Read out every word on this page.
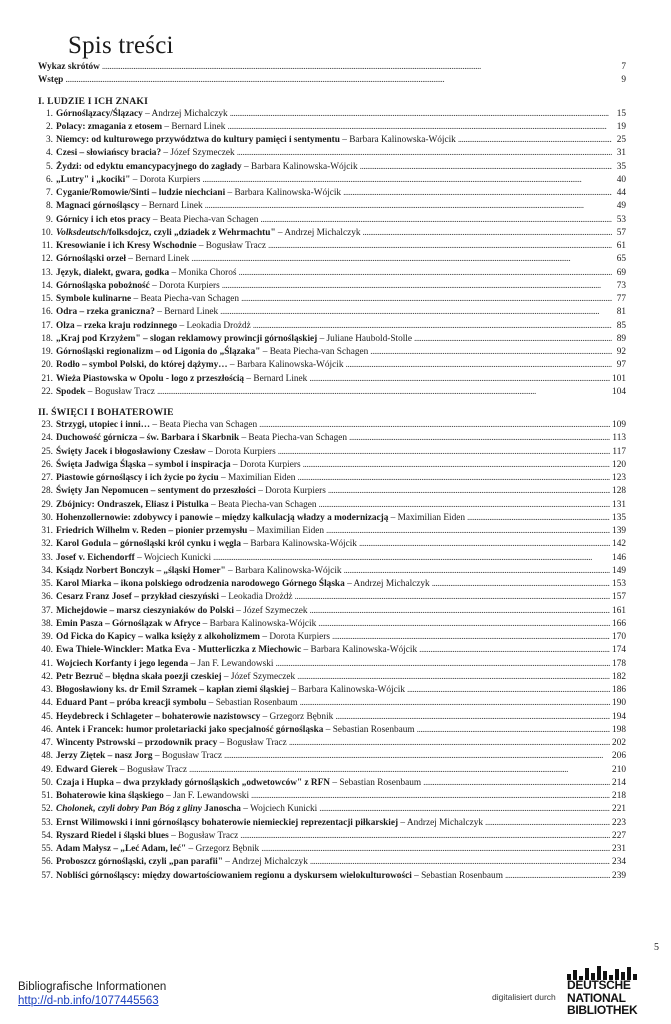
Spis treści
Wykaz skrótów . . .	7
Wstęp . . .	9
I. LUDZIE I ICH ZNAKI
1. Górnoślązacy/Ślązacy – Andrzej Michalczyk . . .	15
2. Polacy: zmagania z etosem – Bernard Linek . . .	19
3. Niemcy: od kulturowego przywództwa do kultury pamięci i sentymentu – Barbara Kalinowska-Wójcik . . .	25
4. Czesi – słowiańscy bracia? – Józef Szymeczek . . .	31
5. Żydzi: od edyktu emancypacyjnego do zagłady – Barbara Kalinowska-Wójcik . . .	35
6. „Lutry" i „kociki" – Dorota Kurpiers . . .	40
7. Cyganie/Romowie/Sinti – ludzie niechciani – Barbara Kalinowska-Wójcik . . .	44
8. Magnaci górnośląscy – Bernard Linek . . .	49
9. Górnicy i ich etos pracy – Beata Piecha-van Schagen . . .	53
10. Volksdeutsch/folksdojcz, czyli „dziadek z Wehrmachtu" – Andrzej Michalczyk . . .	57
11. Kresowianie i ich Kresy Wschodnie – Bogusław Tracz . . .	61
12. Górnośląski orzeł – Bernard Linek . . .	65
13. Język, dialekt, gwara, godka – Monika Choroś . . .	69
14. Górnośląska pobożność – Dorota Kurpiers . . .	73
15. Symbole kulinarne – Beata Piecha-van Schagen . . .	77
16. Odra – rzeka graniczna? – Bernard Linek . . .	81
17. Olza – rzeka kraju rodzinnego – Leokadia Drożdż . . .	85
18. „Kraj pod Krzyżem" – slogan reklamowy prowincji górnośląskiej – Juliane Haubold-Stolle . . .	89
19. Górnośląski regionalizm – od Ligonia do „Ślązaka" – Beata Piecha-van Schagen . . .	92
20. Rodło – symbol Polski, do której dążymy… – Barbara Kalinowska-Wójcik . . .	97
21. Wieża Piastowska w Opolu - logo z przeszłością – Bernard Linek . . .	101
22. Spodek – Bogusław Tracz . . .	104
II. ŚWIĘCI I BOHATEROWIE
23. Strzygi, utopiec i inni… – Beata Piecha van Schagen . . .	109
24. Duchowość górnicza – św. Barbara i Skarbnik – Beata Piecha-van Schagen . . .	113
25. Święty Jacek i błogosławiony Czesław – Dorota Kurpiers . . .	117
26. Święta Jadwiga Śląska – symbol i inspiracja – Dorota Kurpiers . . .	120
27. Piastowie górnośląscy i ich życie po życiu – Maximilian Eiden . . .	123
28. Święty Jan Nepomucen – sentyment do przeszłości – Dorota Kurpiers . . .	128
29. Zbójnicy: Ondraszek, Eliasz i Pistulka – Beata Piecha-van Schagen . . .	131
30. Hohenzollernowie: zdobywcy i panowie – między kalkulacją władzy a modernizacją – Maximilian Eiden . . .	135
31. Friedrich Wilhelm v. Reden – pionier przemysłu – Maximilian Eiden . . .	139
32. Karol Godula – górnośląski król cynku i węgla – Barbara Kalinowska-Wójcik . . .	142
33. Josef v. Eichendorff – Wojciech Kunicki . . .	146
34. Ksiądz Norbert Bonczyk – „śląski Homer" – Barbara Kalinowska-Wójcik . . .	149
35. Karol Miarka – ikona polskiego odrodzenia narodowego Górnego Śląska – Andrzej Michalczyk . . .	153
36. Cesarz Franz Josef – przykład cieszyński – Leokadia Drożdż . . .	157
37. Michejdowie – marsz cieszyniaków do Polski – Józef Szymeczek . . .	161
38. Emin Pasza – Górnoślązak w Afryce – Barbara Kalinowska-Wójcik . . .	166
39. Od Ficka do Kapicy – walka księży z alkoholizmem – Dorota Kurpiers . . .	170
40. Ewa Thiele-Winckler: Matka Eva - Mutterliczka z Miechowic – Barbara Kalinowska-Wójcik . . .	174
41. Wojciech Korfanty i jego legenda – Jan F. Lewandowski . . .	178
42. Petr Bezruč – błędna skała poezji czeskiej – Józef Szymeczek . . .	182
43. Błogosławiony ks. dr Emil Szramek – kapłan ziemi śląskiej – Barbara Kalinowska-Wójcik . . .	186
44. Eduard Pant – próba kreacji symbolu – Sebastian Rosenbaum . . .	190
45. Heydebreck i Schlageter – bohaterowie nazistowscy – Grzegorz Bębnik . . .	194
46. Antek i Francek: humor proletariacki jako specjalność górnośląska – Sebastian Rosenbaum . . .	198
47. Wincenty Pstrowski – przodownik pracy – Bogusław Tracz . . .	202
48. Jerzy Ziętek – nasz Jorg – Bogusław Tracz . . .	206
49. Edward Gierek – Bogusław Tracz . . .	210
50. Czaja i Hupka – dwa przykłady górnośląskich „odwetowców" z RFN – Sebastian Rosenbaum . . .	214
51. Bohaterowie kina śląskiego – Jan F. Lewandowski . . .	218
52. Cholonek, czyli dobry Pan Bóg z gliny Janoscha – Wojciech Kunicki . . .	221
53. Ernst Wilimowski i inni górnośląscy bohaterowie niemieckiej reprezentacji piłkarskiej – Andrzej Michalczyk . . .	223
54. Ryszard Riedel i śląski blues – Bogusław Tracz . . .	227
55. Adam Małysz – „Leć Adam, leć" – Grzegorz Bębnik . . .	231
56. Proboszcz górnośląski, czyli „pan parafii" – Andrzej Michalczyk . . .	234
57. Nobliści górnośląscy: między dowartościowaniem regionu a dyskursem wielokulturowości – Sebastian Rosenbaum . . .	239
5
Bibliografische Informationen
http://d-nb.info/1077445563	digitalisiert durch
DEUTSCHE
NATIONAL
BIBLIOTHEK
